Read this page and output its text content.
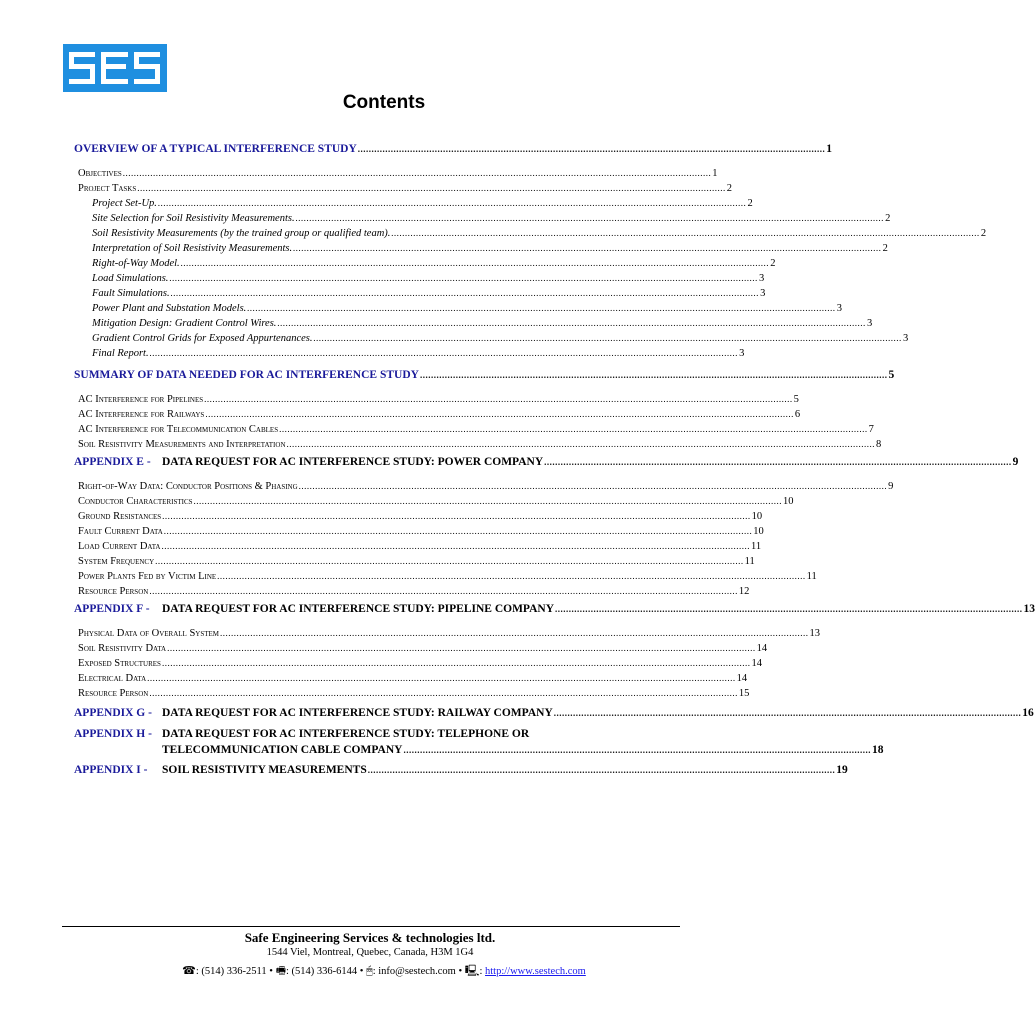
Contents
OVERVIEW OF A TYPICAL INTERFERENCE STUDY .......................................................................................................................................................................... 1
Objectives ...................................................................................................................................................................................................................... 1
Project Tasks ...................................................................................................................................................................................................................... 2
Project Set-Up. ...................................................................................................................................................................................................................... 2
Site Selection for Soil Resistivity Measurements. ...................................................................................................................................................................................................................... 2
Soil Resistivity Measurements (by the trained group or qualified team). ...................................................................................................................................................................................................................... 2
Interpretation of Soil Resistivity Measurements. ...................................................................................................................................................................................................................... 2
Right-of-Way Model. ...................................................................................................................................................................................................................... 2
Load Simulations. ...................................................................................................................................................................................................................... 3
Fault Simulations. ...................................................................................................................................................................................................................... 3
Power Plant and Substation Models. ...................................................................................................................................................................................................................... 3
Mitigation Design: Gradient Control Wires. ...................................................................................................................................................................................................................... 3
Gradient Control Grids for Exposed Appurtenances. ...................................................................................................................................................................................................................... 3
Final Report. ...................................................................................................................................................................................................................... 3
SUMMARY OF DATA NEEDED FOR AC INTERFERENCE STUDY .......................................................................................................................................................................... 5
AC Interference for Pipelines ...................................................................................................................................................................................................................... 5
AC Interference for Railways ...................................................................................................................................................................................................................... 6
AC Interference for Telecommunication Cables ...................................................................................................................................................................................................................... 7
Soil Resistivity Measurements and Interpretation ...................................................................................................................................................................................................................... 8
APPENDIX E - DATA REQUEST FOR AC INTERFERENCE STUDY: POWER COMPANY .......................................................................................................................................................................... 9
Right-of-Way Data: Conductor Positions & Phasing ...................................................................................................................................................................................................................... 9
Conductor Characteristics ...................................................................................................................................................................................................................... 10
Ground Resistances ...................................................................................................................................................................................................................... 10
Fault Current Data ...................................................................................................................................................................................................................... 10
Load Current Data ...................................................................................................................................................................................................................... 11
System Frequency ...................................................................................................................................................................................................................... 11
Power Plants Fed by Victim Line ...................................................................................................................................................................................................................... 11
Resource Person ...................................................................................................................................................................................................................... 12
APPENDIX F - DATA REQUEST FOR AC INTERFERENCE STUDY: PIPELINE COMPANY .......................................................................................................................................................................... 13
Physical Data of Overall System ...................................................................................................................................................................................................................... 13
Soil Resistivity Data ...................................................................................................................................................................................................................... 14
Exposed Structures ...................................................................................................................................................................................................................... 14
Electrical Data ...................................................................................................................................................................................................................... 14
Resource Person ...................................................................................................................................................................................................................... 15
APPENDIX G - DATA REQUEST FOR AC INTERFERENCE STUDY: RAILWAY COMPANY .......................................................................................................................................................................... 16
APPENDIX H - DATA REQUEST FOR AC INTERFERENCE STUDY: TELEPHONE OR
TELECOMMUNICATION CABLE COMPANY .......................................................................................................................................................................... 18
APPENDIX I - SOIL RESISTIVITY MEASUREMENTS .......................................................................................................................................................................... 19
Safe Engineering Services & technologies ltd.
1544 Viel, Montreal, Quebec, Canada, H3M 1G4
☎: (514) 336-2511 • 🖷: (514) 336-6144 • 🖱: info@sestech.com • 🖳: http://www.sestech.com
